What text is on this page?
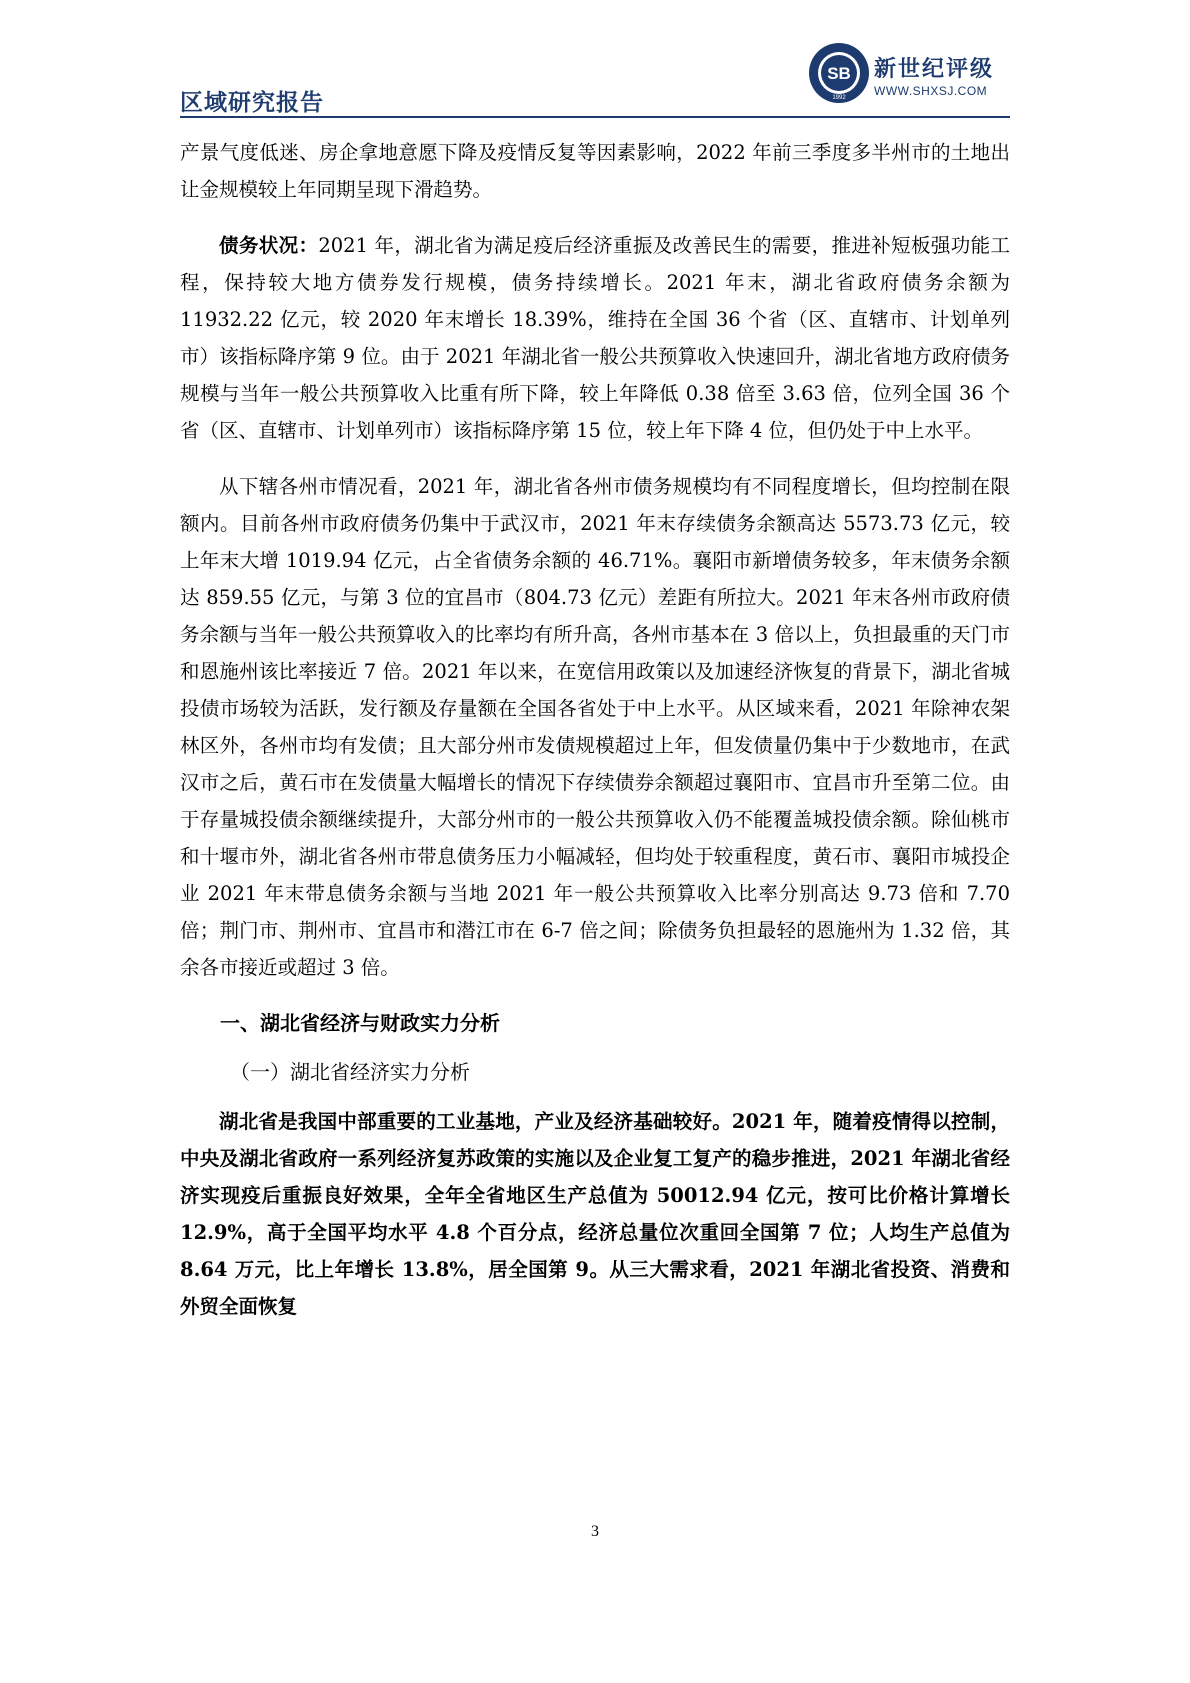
SB
1992
新世纪评级
WWW.SHXSJ.COM
区域研究报告

产景气度低迷、房企拿地意愿下降及疫情反复等因素影响，2022 年前三季度多半州市的土地出让金规模较上年同期呈现下滑趋势。

债务状况：2021 年，湖北省为满足疫后经济重振及改善民生的需要，推进补短板强功能工程，保持较大地方债券发行规模，债务持续增长。2021 年末，湖北省政府债务余额为 11932.22 亿元，较 2020 年末增长 18.39%，维持在全国 36 个省（区、直辖市、计划单列市）该指标降序第 9 位。由于 2021 年湖北省一般公共预算收入快速回升，湖北省地方政府债务规模与当年一般公共预算收入比重有所下降，较上年降低 0.38 倍至 3.63 倍，位列全国 36 个省（区、直辖市、计划单列市）该指标降序第 15 位，较上年下降 4 位，但仍处于中上水平。

从下辖各州市情况看，2021 年，湖北省各州市债务规模均有不同程度增长，但均控制在限额内。目前各州市政府债务仍集中于武汉市，2021 年末存续债务余额高达 5573.73 亿元，较上年末大增 1019.94 亿元，占全省债务余额的 46.71%。襄阳市新增债务较多，年末债务余额达 859.55 亿元，与第 3 位的宜昌市（804.73 亿元）差距有所拉大。2021 年末各州市政府债务余额与当年一般公共预算收入的比率均有所升高，各州市基本在 3 倍以上，负担最重的天门市和恩施州该比率接近 7 倍。2021 年以来，在宽信用政策以及加速经济恢复的背景下，湖北省城投债市场较为活跃，发行额及存量额在全国各省处于中上水平。从区域来看，2021 年除神农架林区外，各州市均有发债；且大部分州市发债规模超过上年，但发债量仍集中于少数地市，在武汉市之后，黄石市在发债量大幅增长的情况下存续债券余额超过襄阳市、宜昌市升至第二位。由于存量城投债余额继续提升，大部分州市的一般公共预算收入仍不能覆盖城投债余额。除仙桃市和十堰市外，湖北省各州市带息债务压力小幅减轻，但均处于较重程度，黄石市、襄阳市城投企业 2021 年末带息债务余额与当地 2021 年一般公共预算收入比率分别高达 9.73 倍和 7.70 倍；荆门市、荆州市、宜昌市和潜江市在 6-7 倍之间；除债务负担最轻的恩施州为 1.32 倍，其余各市接近或超过 3 倍。

一、湖北省经济与财政实力分析
（一）湖北省经济实力分析

湖北省是我国中部重要的工业基地，产业及经济基础较好。2021 年，随着疫情得以控制，中央及湖北省政府一系列经济复苏政策的实施以及企业复工复产的稳步推进，2021 年湖北省经济实现疫后重振良好效果，全年全省地区生产总值为 50012.94 亿元，按可比价格计算增长 12.9%，高于全国平均水平 4.8 个百分点，经济总量位次重回全国第 7 位；人均生产总值为 8.64 万元，比上年增长 13.8%，居全国第 9。从三大需求看，2021 年湖北省投资、消费和外贸全面恢复

3
